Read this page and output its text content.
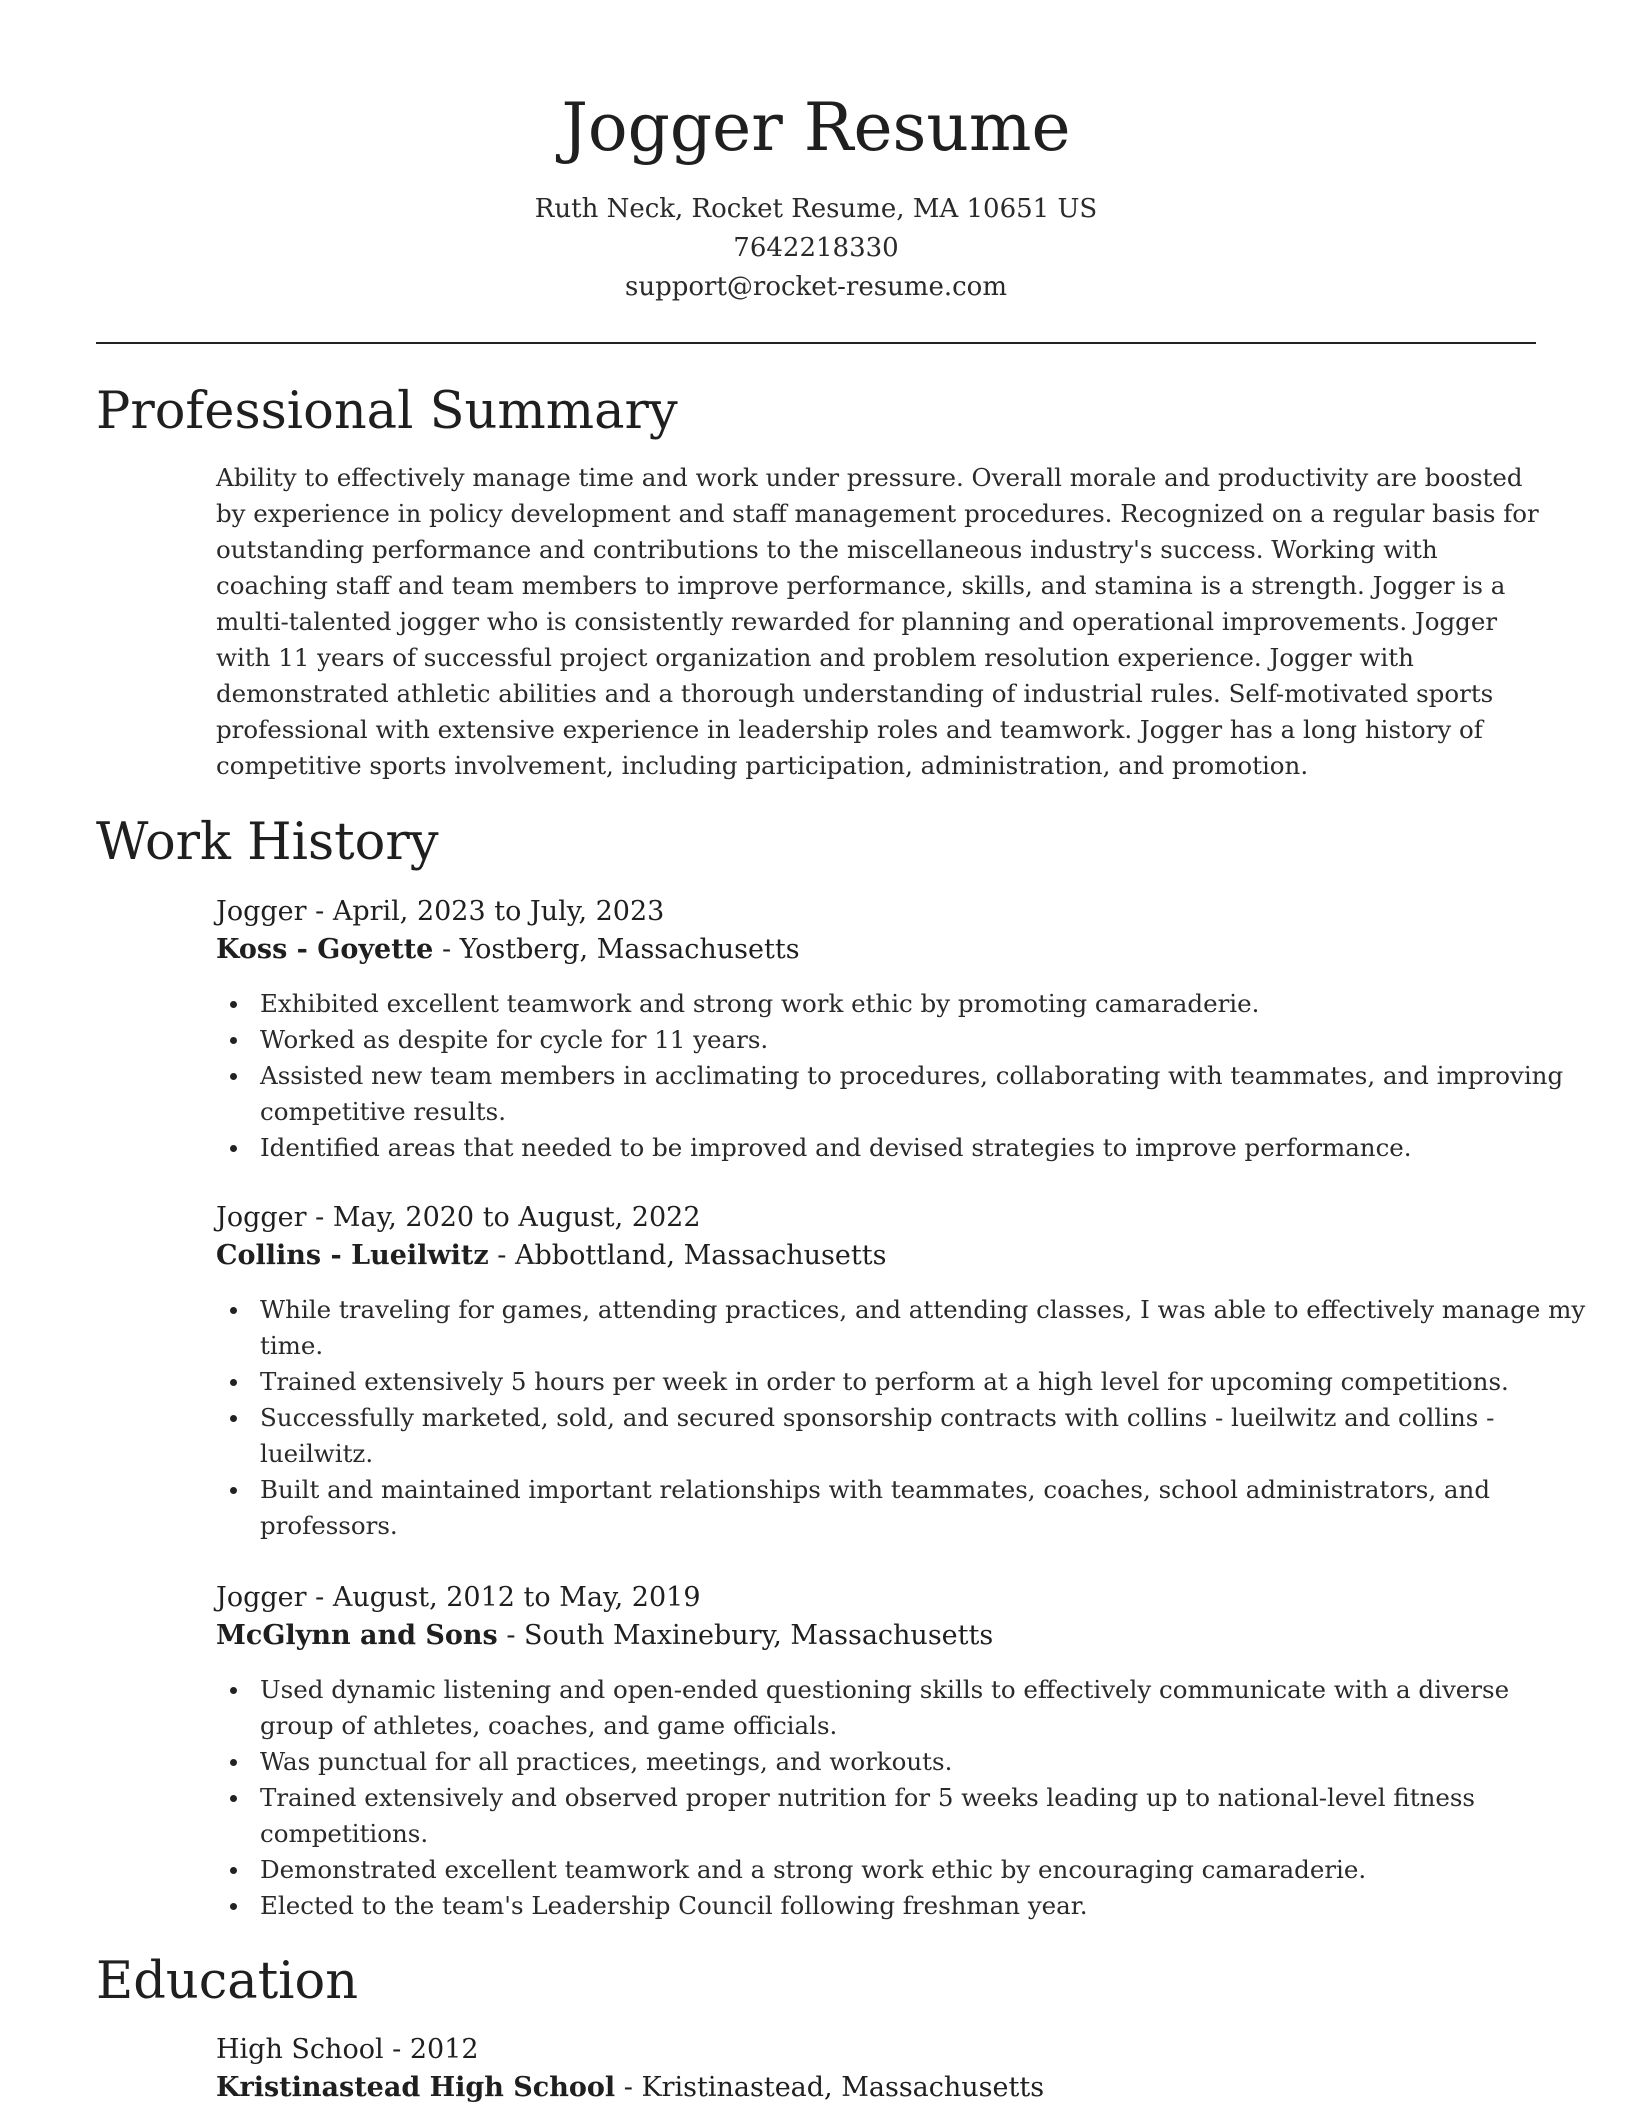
Jogger Resume
Ruth Neck, Rocket Resume, MA 10651 US
7642218330
support@rocket-resume.com
Professional Summary

Ability to effectively manage time and work under pressure. Overall morale and productivity are boosted by experience in policy development and staff management procedures. Recognized on a regular basis for outstanding performance and contributions to the miscellaneous industry's success. Working with coaching staff and team members to improve performance, skills, and stamina is a strength. Jogger is a multi-talented jogger who is consistently rewarded for planning and operational improvements. Jogger with 11 years of successful project organization and problem resolution experience. Jogger with demonstrated athletic abilities and a thorough understanding of industrial rules. Self-motivated sports professional with extensive experience in leadership roles and teamwork. Jogger has a long history of competitive sports involvement, including participation, administration, and promotion.

Work History
Jogger - April, 2023 to July, 2023
Koss - Goyette - Yostberg, Massachusetts
Exhibited excellent teamwork and strong work ethic by promoting camaraderie.
Worked as despite for cycle for 11 years.
Assisted new team members in acclimating to procedures, collaborating with teammates, and improving competitive results.
Identified areas that needed to be improved and devised strategies to improve performance.
Jogger - May, 2020 to August, 2022
Collins - Lueilwitz - Abbottland, Massachusetts
While traveling for games, attending practices, and attending classes, I was able to effectively manage my time.
Trained extensively 5 hours per week in order to perform at a high level for upcoming competitions.
Successfully marketed, sold, and secured sponsorship contracts with collins - lueilwitz and collins - lueilwitz.
Built and maintained important relationships with teammates, coaches, school administrators, and professors.
Jogger - August, 2012 to May, 2019
McGlynn and Sons - South Maxinebury, Massachusetts
Used dynamic listening and open-ended questioning skills to effectively communicate with a diverse group of athletes, coaches, and game officials.
Was punctual for all practices, meetings, and workouts.
Trained extensively and observed proper nutrition for 5 weeks leading up to national-level fitness competitions.
Demonstrated excellent teamwork and a strong work ethic by encouraging camaraderie.
Elected to the team's Leadership Council following freshman year.
Education
High School - 2012
Kristinastead High School - Kristinastead, Massachusetts
